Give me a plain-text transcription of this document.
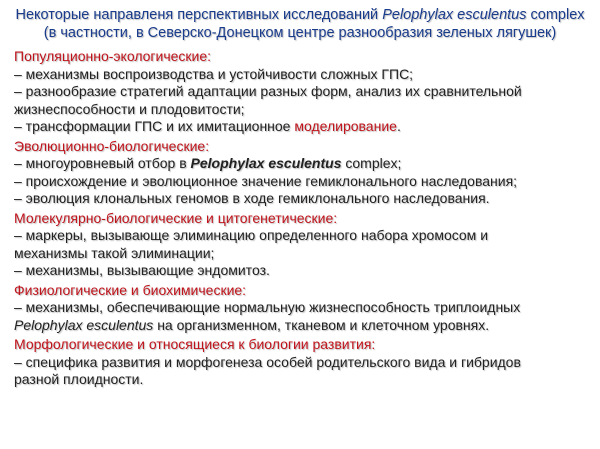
Некоторые направленя перспективных исследований Pelophylax esculentus complex
(в частности, в Северско-Донецком центре разнообразия зеленых лягушек)
Популяционно-экологические:
– механизмы воспроизводства и устойчивости сложных ГПС;
– разнообразие стратегий адаптации разных форм, анализ их сравнительной
жизнеспособности и плодовитости;
– трансформации ГПС и их имитационное моделирование.
Эволюционно-биологические:
– многоуровневый отбор в Pelophylax esculentus complex;
– происхождение и эволюционное значение гемиклонального наследования;
– эволюция клональных геномов в ходе гемиклонального наследования.
Молекулярно-биологические и цитогенетические:
– маркеры, вызывающе элиминацию определенного набора хромосом и
механизмы такой элиминации;
– механизмы, вызывающие эндомитоз.
Физиологические и биохимические:
– механизмы, обеспечивающие нормальную жизнеспособность триплоидных
Pelophylax esculentus на организменном, тканевом и клеточном уровнях.
Морфологические и относящиеся к биологии развития:
– специфика развития и морфогенеза особей родительского вида и гибридов
разной плоидности.
